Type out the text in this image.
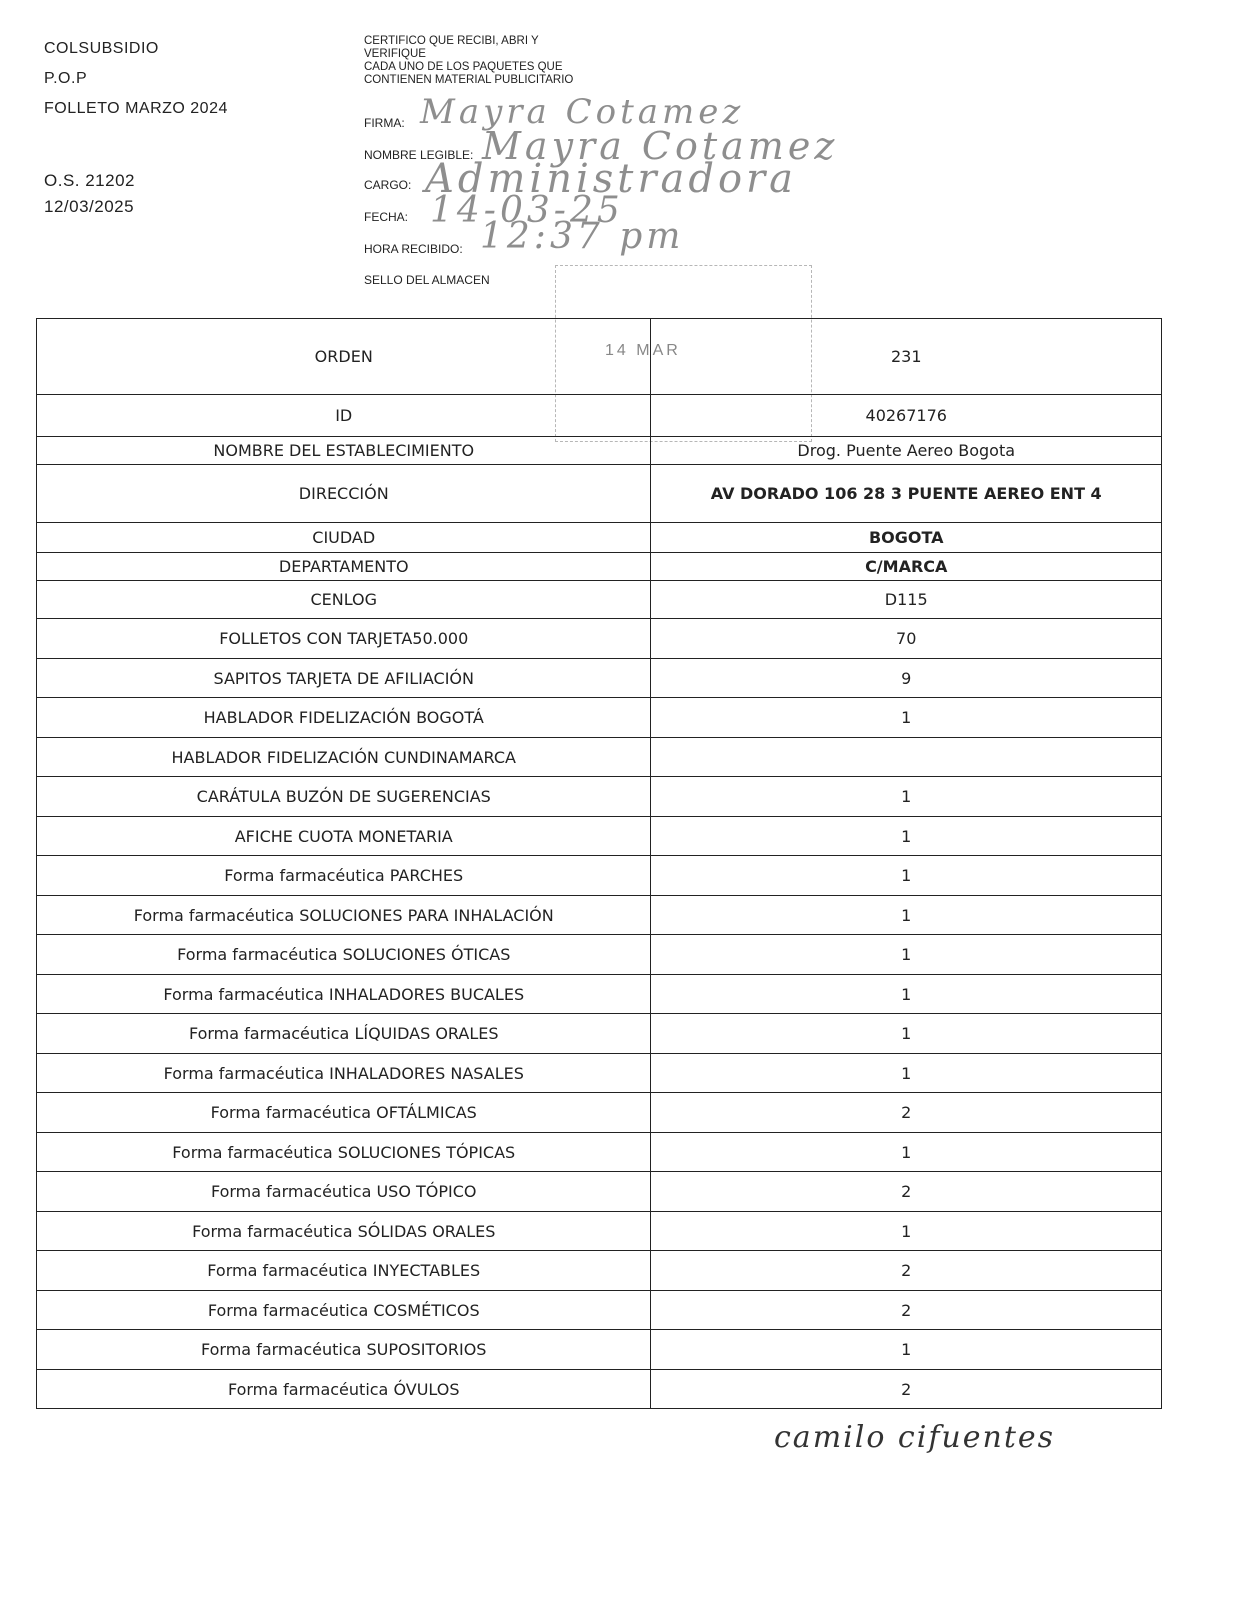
COLSUBSIDIO
P.O.P
FOLLETO MARZO 2024
O.S. 21202
12/03/2025
CERTIFICO QUE RECIBI, ABRI Y
VERIFIQUE
CADA UNO DE LOS PAQUETES QUE
CONTIENEN MATERIAL PUBLICITARIO
FIRMA:
NOMBRE LEGIBLE:
CARGO:
FECHA:
HORA RECIBIDO:
SELLO DEL ALMACEN
Mayra Cotamez
Mayra Cotamez
Administradora
14-03-25
12:37 pm
14 MAR
ORDEN	231
ID	40267176
NOMBRE DEL ESTABLECIMIENTO	Drog. Puente Aereo Bogota
DIRECCIÓN	AV DORADO 106 28 3 PUENTE AEREO ENT 4
CIUDAD	BOGOTA
DEPARTAMENTO	C/MARCA
CENLOG	D115
FOLLETOS CON TARJETA50.000	70
SAPITOS TARJETA DE AFILIACIÓN	9
HABLADOR FIDELIZACIÓN BOGOTÁ	1
HABLADOR FIDELIZACIÓN CUNDINAMARCA	
CARÁTULA BUZÓN DE SUGERENCIAS	1
AFICHE CUOTA MONETARIA	1
Forma farmacéutica PARCHES	1
Forma farmacéutica SOLUCIONES PARA INHALACIÓN	1
Forma farmacéutica SOLUCIONES ÓTICAS	1
Forma farmacéutica INHALADORES BUCALES	1
Forma farmacéutica LÍQUIDAS ORALES	1
Forma farmacéutica INHALADORES NASALES	1
Forma farmacéutica OFTÁLMICAS	2
Forma farmacéutica SOLUCIONES TÓPICAS	1
Forma farmacéutica USO TÓPICO	2
Forma farmacéutica SÓLIDAS ORALES	1
Forma farmacéutica INYECTABLES	2
Forma farmacéutica COSMÉTICOS	2
Forma farmacéutica SUPOSITORIOS	1
Forma farmacéutica ÓVULOS	2
camilo cifuentes
